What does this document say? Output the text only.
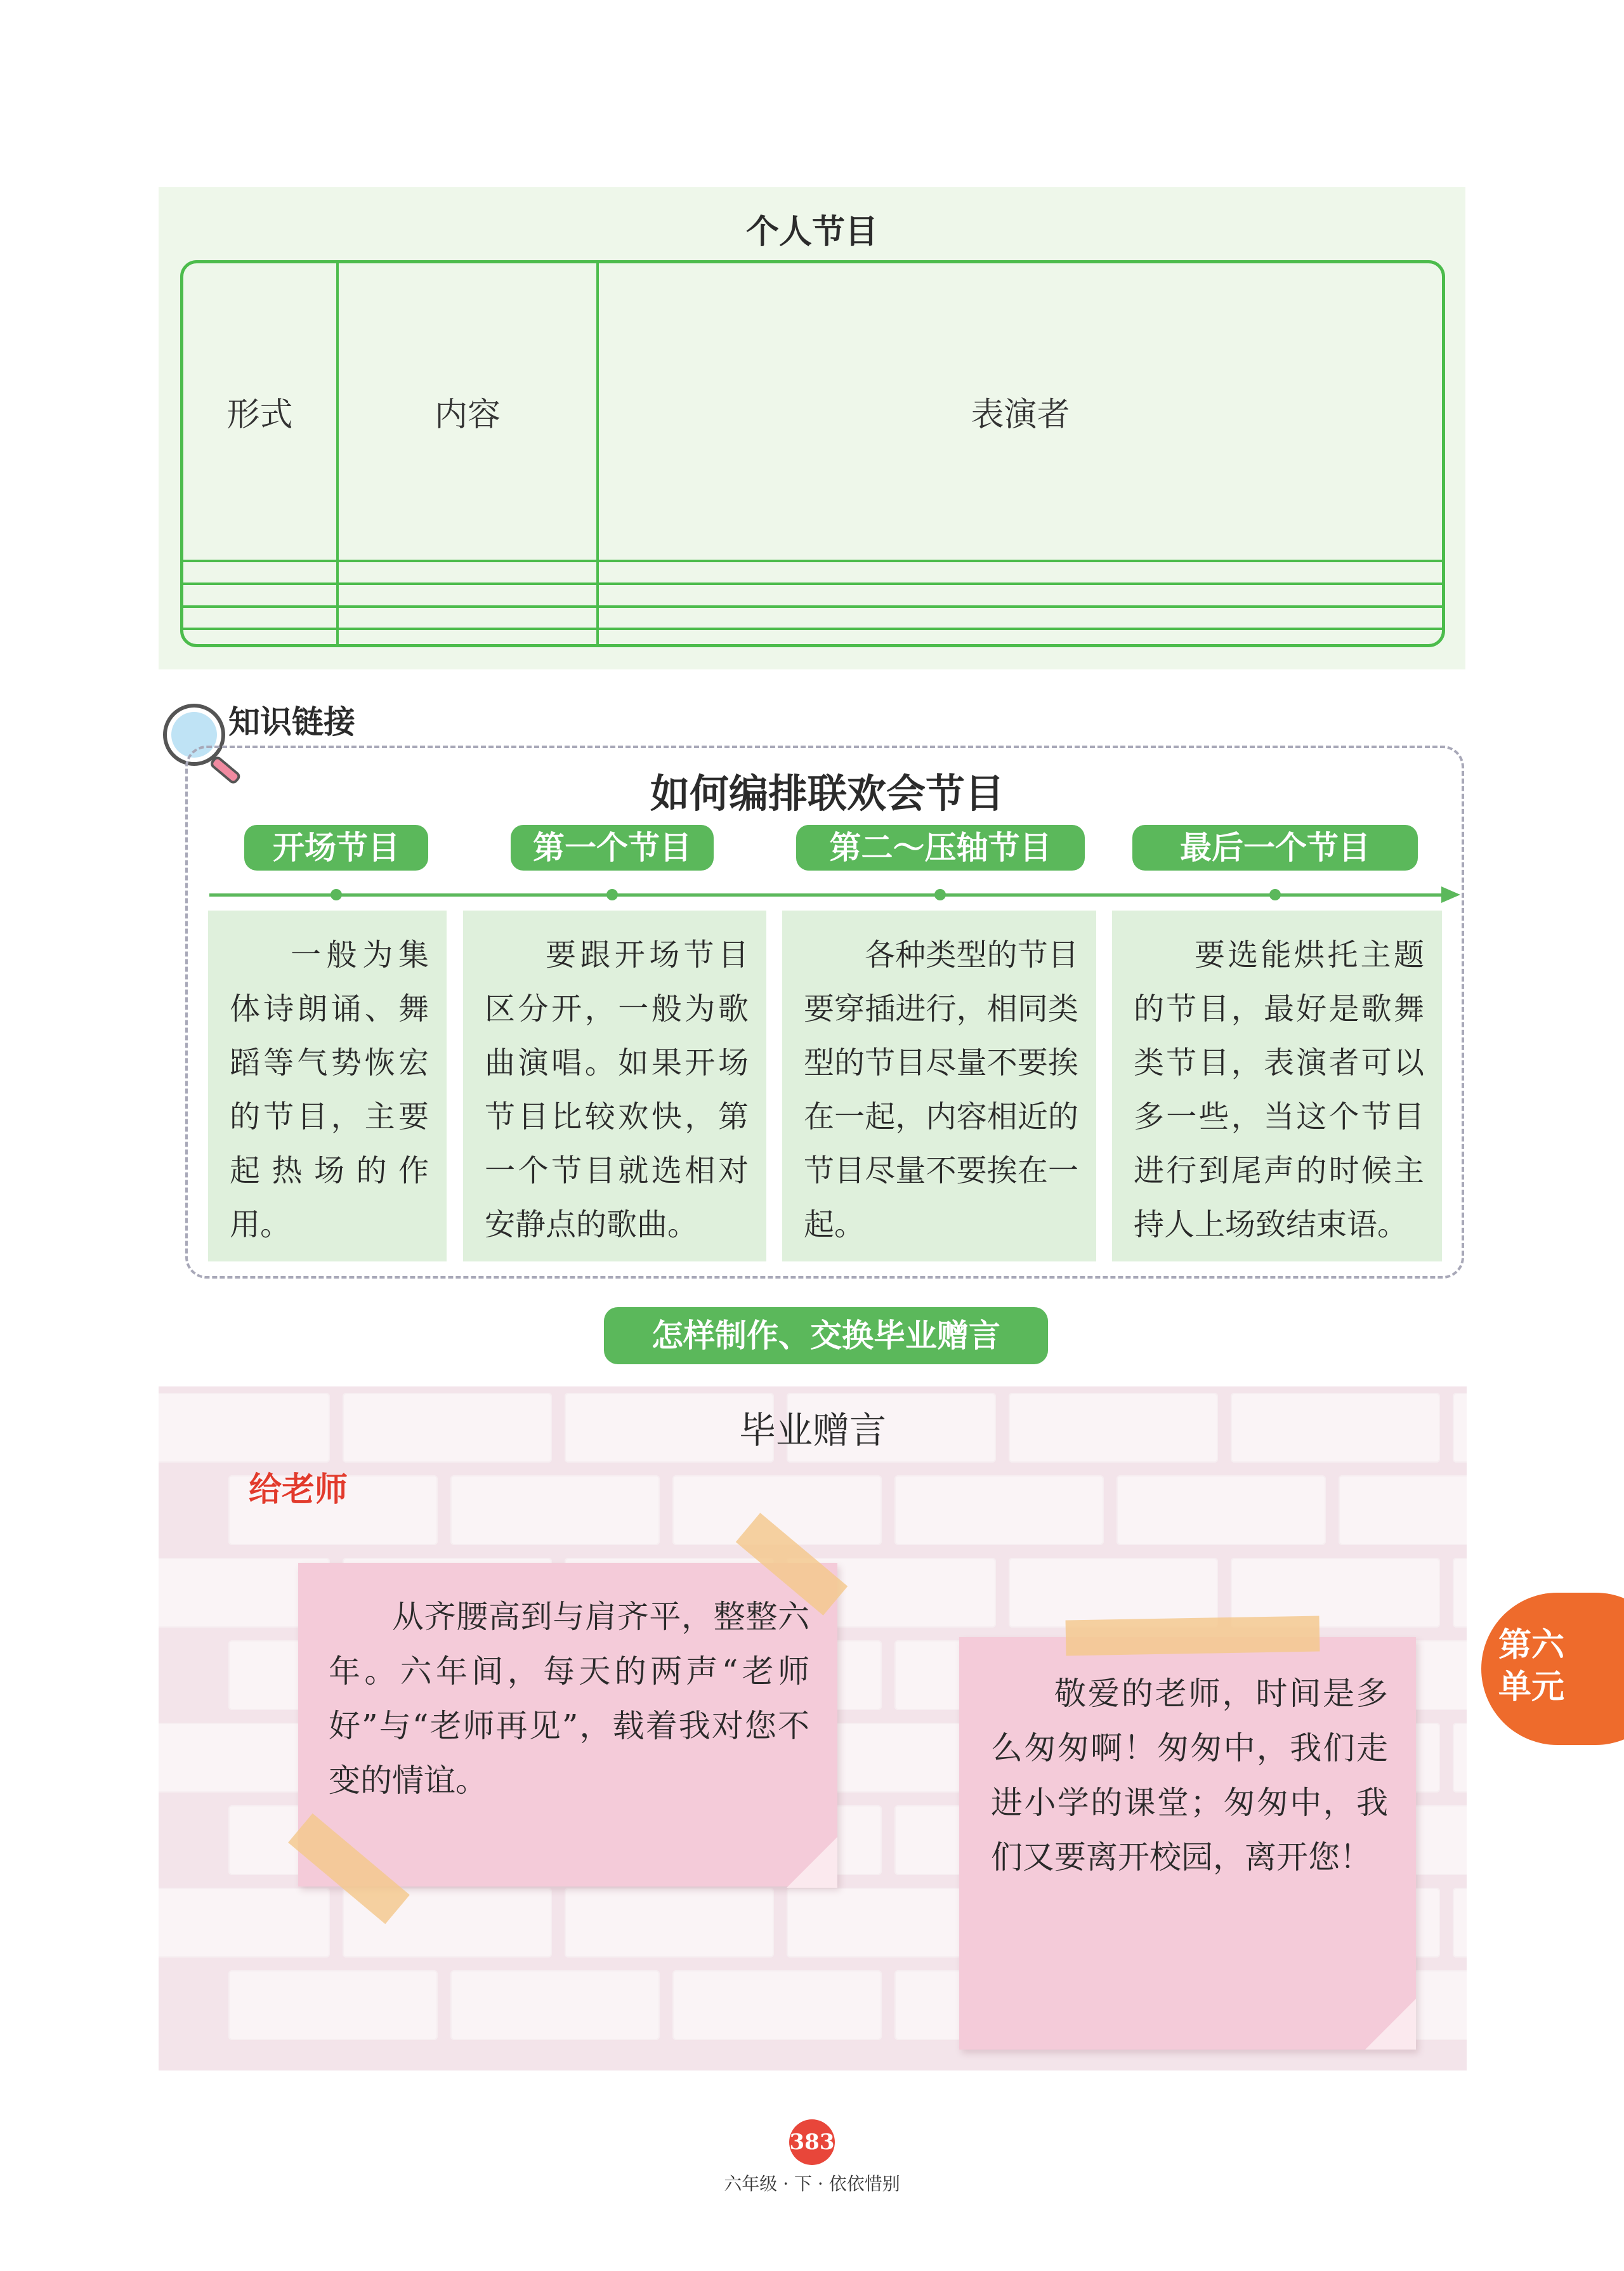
个人节目
形式	内容	表演者

知识链接
如何编排联欢会节目
开场节目	第一个节目	第二～压轴节目	最后一个节目

一般为集体诗朗诵、舞蹈等气势恢宏的节目，主要起热场的作用。

要跟开场节目区分开，一般为歌曲演唱。如果开场节目比较欢快，第一个节目就选相对安静点的歌曲。

各种类型的节目要穿插进行，相同类型的节目尽量不要挨在一起，内容相近的节目尽量不要挨在一起。

要选能烘托主题的节目，最好是歌舞类节目，表演者可以多一些，当这个节目进行到尾声的时候主持人上场致结束语。

怎样制作、交换毕业赠言
毕业赠言
给老师

从齐腰高到与肩齐平，整整六年。六年间，每天的两声“老师好”与“老师再见”，载着我对您不变的情谊。

敬爱的老师，时间是多么匆匆啊！匆匆中，我们走进小学的课堂；匆匆中，我们又要离开校园，离开您！

第六
单元
383
六年级 · 下 · 依依惜别
